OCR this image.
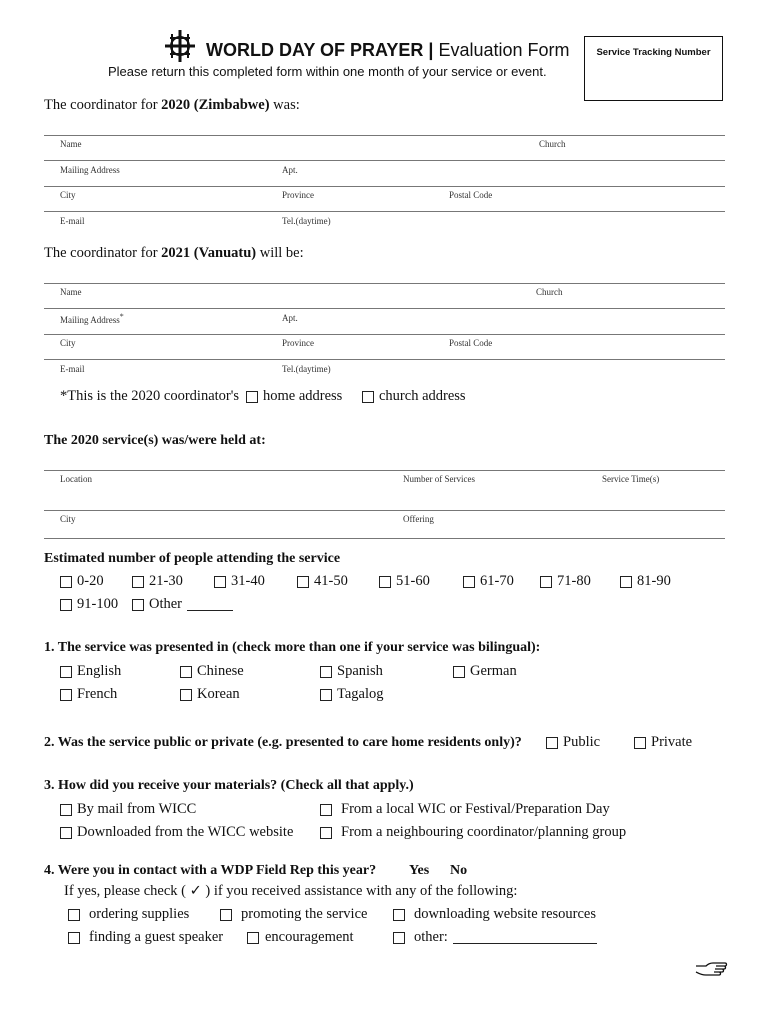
WORLD DAY OF PRAYER | Evaluation Form
Please return this completed form within one month of your service or event.
Service Tracking Number
The coordinator for 2020 (Zimbabwe) was:
Name	Church
Mailing Address	Apt.
City	Province	Postal Code
E-mail	Tel.(daytime)
The coordinator for 2021 (Vanuatu) will be:
Name	Church
Mailing Address*	Apt.
City	Province	Postal Code
E-mail	Tel.(daytime)
*This is the 2020 coordinator's home address	church address
The 2020 service(s) was/were held at:
Location	Number of Services	Service Time(s)
City	Offering
Estimated number of people attending the service
0-20	21-30	31-40	41-50	51-60	61-70	71-80	81-90
91-100 Other
1. The service was presented in (check more than one if your service was bilingual):
English	Chinese	Spanish	German
French	Korean	Tagalog
2. Was the service public or private (e.g. presented to care home residents only)?	Public	Private
3. How did you receive your materials? (Check all that apply.)
By mail from WICC	From a local WIC or Festival/Preparation Day
Downloaded from the WICC website	From a neighbouring coordinator/planning group
4. Were you in contact with a WDP Field Rep this year? Yes No
If yes, please check ( ✓ ) if you received assistance with any of the following:
ordering supplies	promoting the service	downloading website resources
finding a guest speaker	encouragement	other:
